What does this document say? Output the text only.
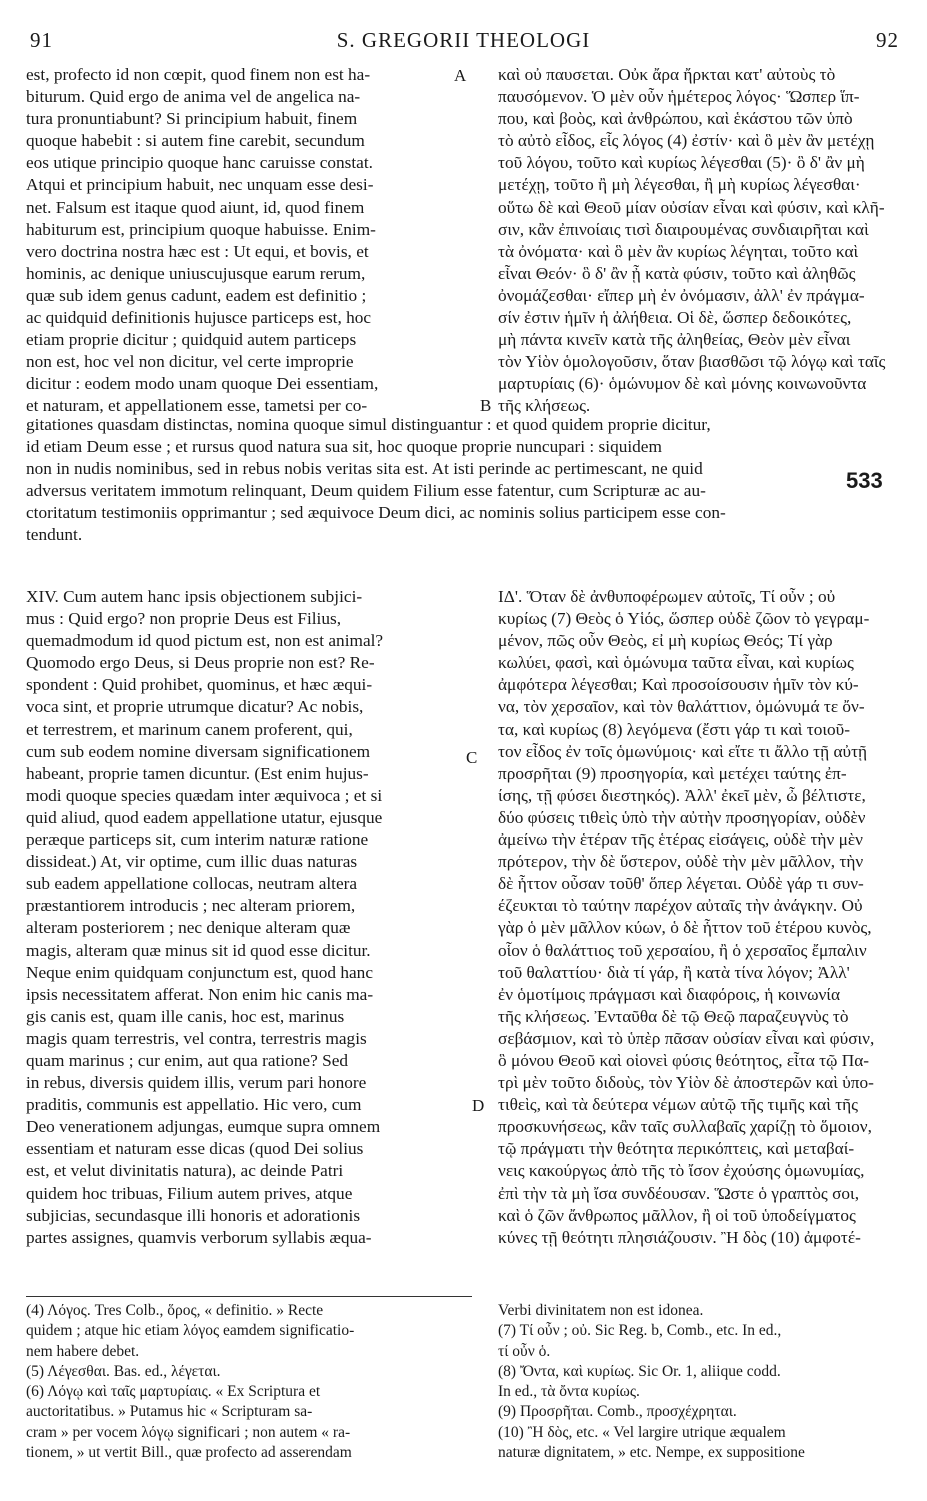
91	S. GREGORII THEOLOGI	92
A
B
C
D
533
est, profecto id non cœpit, quod finem non est ha-
biturum. Quid ergo de anima vel de angelica na-
tura pronuntiabunt? Si principium habuit, finem
quoque habebit : si autem fine carebit, secundum
eos utique principio quoque hanc caruisse constat.
Atqui et principium habuit, nec unquam esse desi-
net. Falsum est itaque quod aiunt, id, quod finem
habiturum est, principium quoque habuisse. Enim-
vero doctrina nostra hæc est : Ut equi, et bovis, et
hominis, ac denique uniuscujusque earum rerum,
quæ sub idem genus cadunt, eadem est definitio ;
ac quidquid definitionis hujusce particeps est, hoc
etiam proprie dicitur ; quidquid autem particeps
non est, hoc vel non dicitur, vel certe improprie
dicitur : eodem modo unam quoque Dei essentiam,
et naturam, et appellationem esse, tametsi per co-
καὶ οὐ παυσεται. Οὐκ ἄρα ἤρκται κατ' αὐτοὺς τὸ
παυσόμενον. Ὁ μὲν οὖν ἡμέτερος λόγος· Ὥσπερ ἵπ-
που, καὶ βοὸς, καὶ ἀνθρώπου, καὶ ἑκάστου τῶν ὑπὸ
τὸ αὐτὸ εἶδος, εἷς λόγος (4) ἐστίν· καὶ ὃ μὲν ἂν μετέχῃ
τοῦ λόγου, τοῦτο καὶ κυρίως λέγεσθαι (5)· ὃ δ' ἂν μὴ
μετέχῃ, τοῦτο ἢ μὴ λέγεσθαι, ἢ μὴ κυρίως λέγεσθαι·
οὕτω δὲ καὶ Θεοῦ μίαν οὐσίαν εἶναι καὶ φύσιν, καὶ κλῆ-
σιν, κἂν ἐπινοίαις τισὶ διαιρουμένας συνδιαιρῆται καὶ
τὰ ὀνόματα· καὶ ὃ μὲν ἂν κυρίως λέγηται, τοῦτο καὶ
εἶναι Θεόν· ὃ δ' ἂν ᾖ κατὰ φύσιν, τοῦτο καὶ ἀληθῶς
ὀνομάζεσθαι· εἴπερ μὴ ἐν ὀνόμασιν, ἀλλ' ἐν πράγμα-
σίν ἐστιν ἡμῖν ἡ ἀλήθεια. Οἱ δὲ, ὥσπερ δεδοικότες,
μὴ πάντα κινεῖν κατὰ τῆς ἀληθείας, Θεὸν μὲν εἶναι
τὸν Υἱὸν ὁμολογοῦσιν, ὅταν βιασθῶσι τῷ λόγῳ καὶ ταῖς
μαρτυρίαις (6)· ὁμώνυμον δὲ καὶ μόνης κοινωνοῦντα
τῆς κλήσεως.
gitationes quasdam distinctas, nomina quoque simul distinguantur : et quod quidem proprie dicitur,
id etiam Deum esse ; et rursus quod natura sua sit, hoc quoque proprie nuncupari : siquidem
non in nudis nominibus, sed in rebus nobis veritas sita est. At isti perinde ac pertimescant, ne quid
adversus veritatem immotum relinquant, Deum quidem Filium esse fatentur, cum Scripturæ ac au-
ctoritatum testimoniis opprimantur ; sed æquivoce Deum dici, ac nominis solius participem esse con-
tendunt.
XIV. Cum autem hanc ipsis objectionem subjici-
mus : Quid ergo? non proprie Deus est Filius,
quemadmodum id quod pictum est, non est animal?
Quomodo ergo Deus, si Deus proprie non est? Re-
spondent : Quid prohibet, quominus, et hæc æqui-
voca sint, et proprie utrumque dicatur? Ac nobis,
et terrestrem, et marinum canem proferent, qui,
cum sub eodem nomine diversam significationem
habeant, proprie tamen dicuntur. (Est enim hujus-
modi quoque species quædam inter æquivoca ; et si
quid aliud, quod eadem appellatione utatur, ejusque
peræque particeps sit, cum interim naturæ ratione
dissideat.) At, vir optime, cum illic duas naturas
sub eadem appellatione collocas, neutram altera
præstantiorem introducis ; nec alteram priorem,
alteram posteriorem ; nec denique alteram quæ
magis, alteram quæ minus sit id quod esse dicitur.
Neque enim quidquam conjunctum est, quod hanc
ipsis necessitatem afferat. Non enim hic canis ma-
gis canis est, quam ille canis, hoc est, marinus
magis quam terrestris, vel contra, terrestris magis
quam marinus ; cur enim, aut qua ratione? Sed
in rebus, diversis quidem illis, verum pari honore
praditis, communis est appellatio. Hic vero, cum
Deo venerationem adjungas, eumque supra omnem
essentiam et naturam esse dicas (quod Dei solius
est, et velut divinitatis natura), ac deinde Patri
quidem hoc tribuas, Filium autem prives, atque
subjicias, secundasque illi honoris et adorationis
partes assignes, quamvis verborum syllabis æqua-
ΙΔ'. Ὅταν δὲ ἀνθυποφέρωμεν αὐτοῖς, Τί οὖν ; οὐ
κυρίως (7) Θεὸς ὁ Υἱός, ὥσπερ οὐδὲ ζῶον τὸ γεγραμ-
μένον, πῶς οὖν Θεὸς, εἰ μὴ κυρίως Θεός; Τί γὰρ
κωλύει, φασὶ, καὶ ὁμώνυμα ταῦτα εἶναι, καὶ κυρίως
ἀμφότερα λέγεσθαι; Καὶ προσοίσουσιν ἡμῖν τὸν κύ-
να, τὸν χερσαῖον, καὶ τὸν θαλάττιον, ὁμώνυμά τε ὄν-
τα, καὶ κυρίως (8) λεγόμενα (ἔστι γάρ τι καὶ τοιοῦ-
τον εἶδος ἐν τοῖς ὁμωνύμοις· καὶ εἴτε τι ἄλλο τῇ αὐτῇ
προσρῆται (9) προσηγορία, καὶ μετέχει ταύτης ἐπ-
ίσης, τῇ φύσει διεστηκός). Ἀλλ' ἐκεῖ μὲν, ὦ βέλτιστε,
δύο φύσεις τιθεὶς ὑπὸ τὴν αὐτὴν προσηγορίαν, οὐδὲν
ἀμείνω τὴν ἑτέραν τῆς ἑτέρας εἰσάγεις, οὐδὲ τὴν μὲν
πρότερον, τὴν δὲ ὕστερον, οὐδὲ τὴν μὲν μᾶλλον, τὴν
δὲ ἧττον οὖσαν τοῦθ' ὅπερ λέγεται. Οὐδὲ γάρ τι συν-
έζευκται τὸ ταύτην παρέχον αὐταῖς τὴν ἀνάγκην. Οὐ
γὰρ ὁ μὲν μᾶλλον κύων, ὁ δὲ ἧττον τοῦ ἑτέρου κυνὸς,
οἷον ὁ θαλάττιος τοῦ χερσαίου, ἢ ὁ χερσαῖος ἔμπαλιν
τοῦ θαλαττίου· διὰ τί γάρ, ἢ κατὰ τίνα λόγον; Ἀλλ'
ἐν ὁμοτίμοις πράγμασι καὶ διαφόροις, ἡ κοινωνία
τῆς κλήσεως. Ἐνταῦθα δὲ τῷ Θεῷ παραζευγνὺς τὸ
σεβάσμιον, καὶ τὸ ὑπὲρ πᾶσαν οὐσίαν εἶναι καὶ φύσιν,
ὃ μόνου Θεοῦ καὶ οἱονεὶ φύσις θεότητος, εἶτα τῷ Πα-
τρὶ μὲν τοῦτο διδοὺς, τὸν Υἱὸν δὲ ἀποστερῶν καὶ ὑπο-
τιθεὶς, καὶ τὰ δεύτερα νέμων αὐτῷ τῆς τιμῆς καὶ τῆς
προσκυνήσεως, κἂν ταῖς συλλαβαῖς χαρίζῃ τὸ ὅμοιον,
τῷ πράγματι τὴν θεότητα περικόπτεις, καὶ μεταβαί-
νεις κακούργως ἀπὸ τῆς τὸ ἴσον ἐχούσης ὁμωνυμίας,
ἐπὶ τὴν τὰ μὴ ἴσα συνδέουσαν. Ὥστε ὁ γραπτὸς σοι,
καὶ ὁ ζῶν ἄνθρωπος μᾶλλον, ἢ οἱ τοῦ ὑποδείγματος
κύνες τῇ θεότητι πλησιάζουσιν. Ἢ δὸς (10) ἀμφοτέ-
(4) Λόγος. Tres Colb., ὅρος, « definitio. » Recte
quidem ; atque hic etiam λόγος eamdem significatio-
nem habere debet.
(5) Λέγεσθαι. Bas. ed., λέγεται.
(6) Λόγῳ καὶ ταῖς μαρτυρίαις. « Ex Scriptura et
auctoritatibus. » Putamus hic « Scripturam sa-
cram » per vocem λόγῳ significari ; non autem « ra-
tionem, » ut vertit Bill., quæ profecto ad asserendam
Verbi divinitatem non est idonea.
(7) Τί οὖν ; οὐ. Sic Reg. b, Comb., etc. In ed.,
τί οὖν ὁ.
(8) Ὄντα, καὶ κυρίως. Sic Or. 1, aliique codd.
In ed., τὰ ὄντα κυρίως.
(9) Προσρῆται. Comb., προσχέχρηται.
(10) Ἢ δὸς, etc. « Vel largire utrique æqualem
naturæ dignitatem, » etc. Nempe, ex suppositione
